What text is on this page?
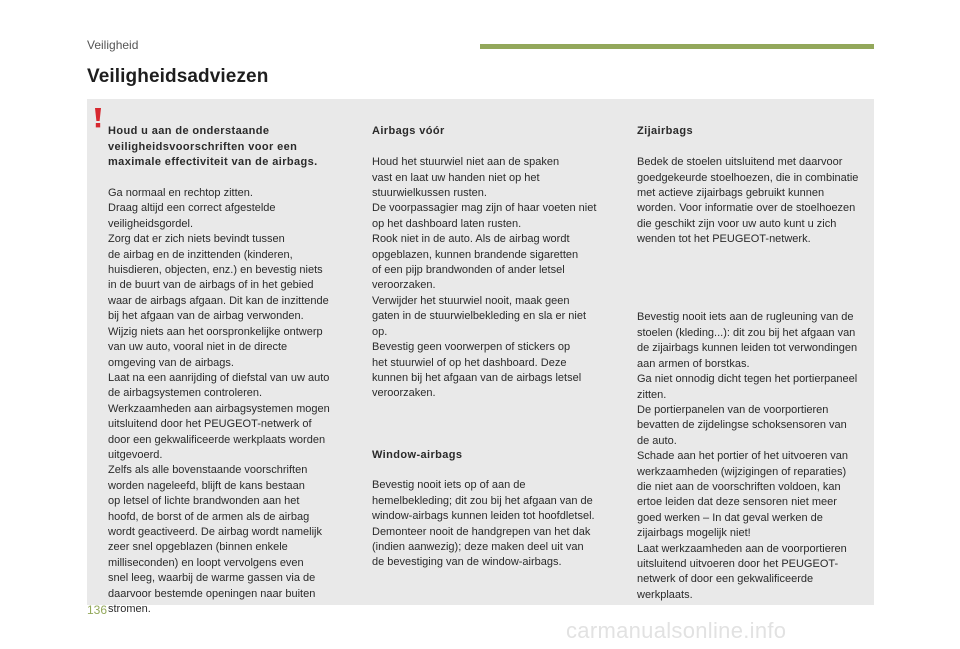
Veiligheid
Veiligheidsadviezen

Houd u aan de onderstaande
veiligheidsvoorschriften voor een
maximale effectiviteit van de airbags.

Ga normaal en rechtop zitten.
Draag altijd een correct afgestelde
veiligheidsgordel.
Zorg dat er zich niets bevindt tussen
de airbag en de inzittenden (kinderen,
huisdieren, objecten, enz.) en bevestig niets
in de buurt van de airbags of in het gebied
waar de airbags afgaan. Dit kan de inzittende
bij het afgaan van de airbag verwonden.
Wijzig niets aan het oorspronkelijke ontwerp
van uw auto, vooral niet in de directe
omgeving van de airbags.
Laat na een aanrijding of diefstal van uw auto
de airbagsystemen controleren.
Werkzaamheden aan airbagsystemen mogen
uitsluitend door het PEUGEOT-netwerk of
door een gekwalificeerde werkplaats worden
uitgevoerd.
Zelfs als alle bovenstaande voorschriften
worden nageleefd, blijft de kans bestaan
op letsel of lichte brandwonden aan het
hoofd, de borst of de armen als de airbag
wordt geactiveerd. De airbag wordt namelijk
zeer snel opgeblazen (binnen enkele
milliseconden) en loopt vervolgens even
snel leeg, waarbij de warme gassen via de
daarvoor bestemde openingen naar buiten
stromen.

Airbags vóór

Houd het stuurwiel niet aan de spaken
vast en laat uw handen niet op het
stuurwielkussen rusten.
De voorpassagier mag zijn of haar voeten niet
op het dashboard laten rusten.
Rook niet in de auto. Als de airbag wordt
opgeblazen, kunnen brandende sigaretten
of een pijp brandwonden of ander letsel
veroorzaken.
Verwijder het stuurwiel nooit, maak geen
gaten in de stuurwielbekleding en sla er niet
op.
Bevestig geen voorwerpen of stickers op
het stuurwiel of op het dashboard. Deze
kunnen bij het afgaan van de airbags letsel
veroorzaken.

Window-airbags

Bevestig nooit iets op of aan de
hemelbekleding; dit zou bij het afgaan van de
window-airbags kunnen leiden tot hoofdletsel.
Demonteer nooit de handgrepen van het dak
(indien aanwezig); deze maken deel uit van
de bevestiging van de window-airbags.

Zijairbags

Bedek de stoelen uitsluitend met daarvoor
goedgekeurde stoelhoezen, die in combinatie
met actieve zijairbags gebruikt kunnen
worden. Voor informatie over de stoelhoezen
die geschikt zijn voor uw auto kunt u zich
wenden tot het PEUGEOT-netwerk.

Bevestig nooit iets aan de rugleuning van de
stoelen (kleding...): dit zou bij het afgaan van
de zijairbags kunnen leiden tot verwondingen
aan armen of borstkas.
Ga niet onnodig dicht tegen het portierpaneel
zitten.
De portierpanelen van de voorportieren
bevatten de zijdelingse schoksensoren van
de auto.
Schade aan het portier of het uitvoeren van
werkzaamheden (wijzigingen of reparaties)
die niet aan de voorschriften voldoen, kan
ertoe leiden dat deze sensoren niet meer
goed werken – In dat geval werken de
zijairbags mogelijk niet!
Laat werkzaamheden aan de voorportieren
uitsluitend uitvoeren door het PEUGEOT-
netwerk of door een gekwalificeerde
werkplaats.

136
carmanualsonline.info
